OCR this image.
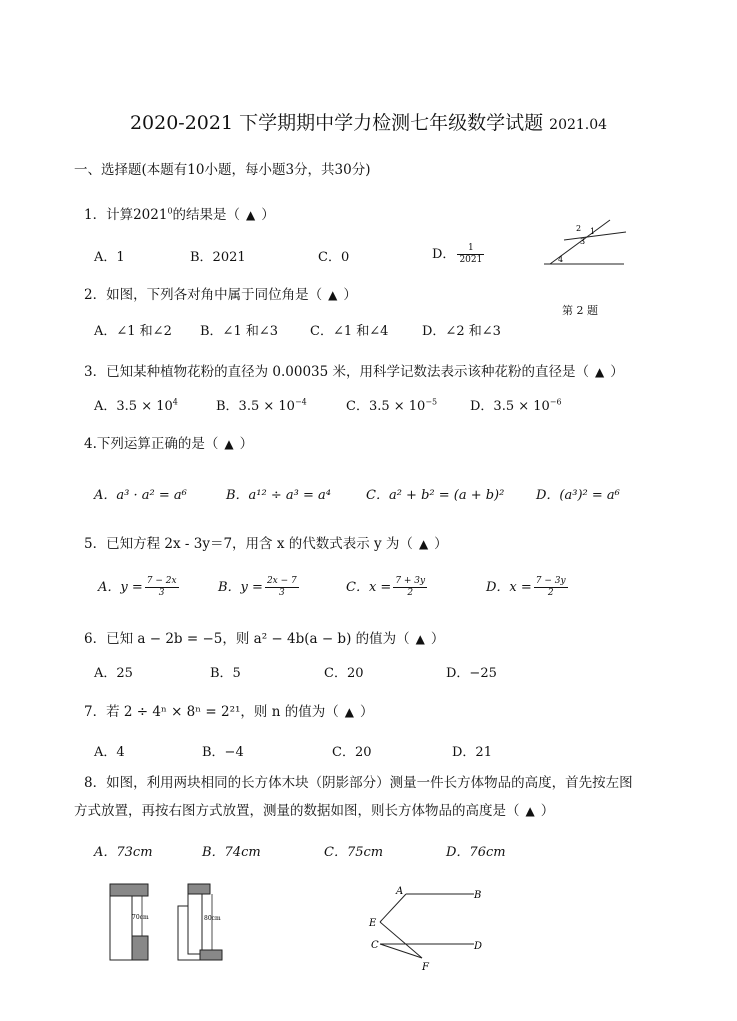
2020-2021 下学期期中学力检测七年级数学试题 2021.04
一、选择题(本题有10小题，每小题3分，共30分)
1．计算2021$^0$的结果是（ ▲ ）
A．1	B．2021	C．0	D． $\frac{1}{2021}$
2 1
3
4
第 2 题
2．如图，下列各对角中属于同位角是（ ▲ ）
A．∠1 和∠2 B．∠1 和∠3 C．∠1 和∠4	D．∠2 和∠3
3．已知某种植物花粉的直径为 0.00035 米，用科学记数法表示该种花粉的直径是（ ▲ ）
A．$3.5 \times 10^4$	B．$3.5 \times 10^{-4}$	C．$3.5 \times 10^{-5}$	D．$3.5 \times 10^{-6}$
4.下列运算正确的是（ ▲ ）
A．a³ · a² = a⁶	B．a¹² ÷ a³ = a⁴	C．a² + b² = (a + b)² D．(a³)² = a⁶
5．已知方程 2x - 3y＝7，用含 x 的代数式表示 y 为（ ▲ ）
A．$y = \frac{7 - 2x}{3}$	B．$y = \frac{2x - 7}{3}$	C．$x = \frac{7 + 3y}{2}$	D．$x = \frac{7 - 3y}{2}$
6．已知 a − 2b = −5，则 a² − 4b(a − b) 的值为（ ▲ ）
A．25	B．5	C．20	D．−25
7．若 2 ÷ 4ⁿ × 8ⁿ = 2²¹，则 n 的值为（ ▲ ）
A．4	B．−4	C．20	D．21
8．如图，利用两块相同的长方体木块（阴影部分）测量一件长方体物品的高度，首先按左图
方式放置，再按右图方式放置，测量的数据如图，则长方体物品的高度是（ ▲ ）
A．73cm	B．74cm	C．75cm	D．76cm
70cm	80cm
A	B
E
C	D
F
